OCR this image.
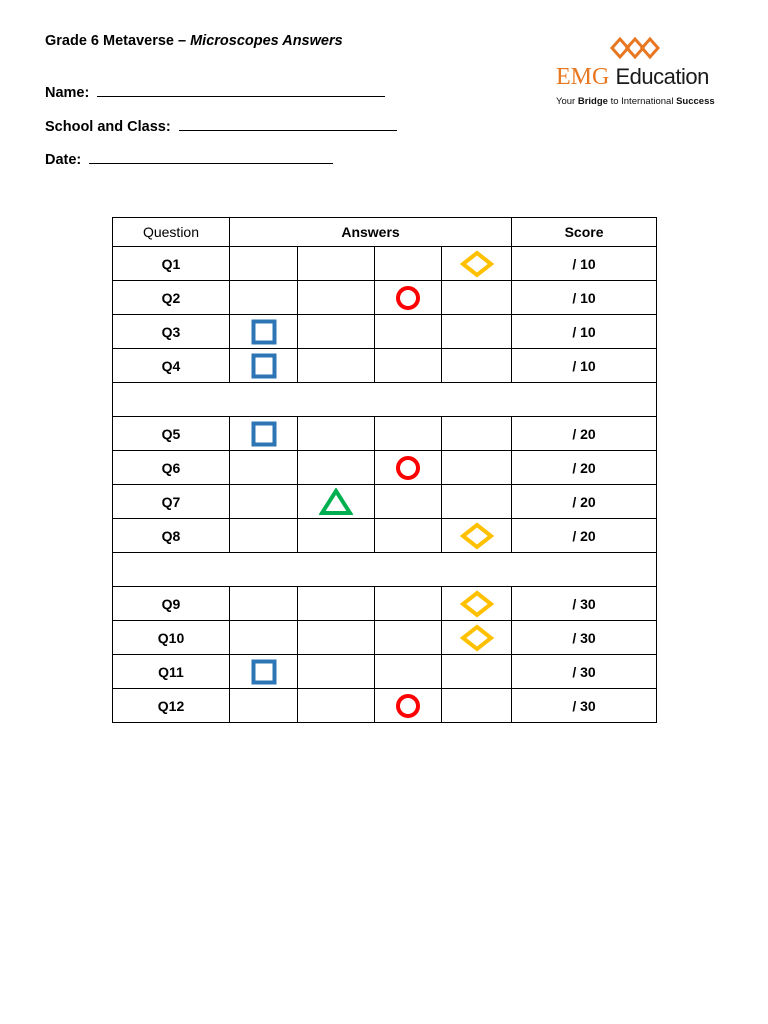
Grade 6 Metaverse – Microscopes Answers
Name:
School and Class:
Date:
EMG Education
Your Bridge to International Success
Question	Answers				Score
Q1					/ 10
Q2					/ 10
Q3					/ 10
Q4					/ 10

Q5					/ 20
Q6					/ 20
Q7					/ 20
Q8					/ 20

Q9					/ 30
Q10					/ 30
Q11					/ 30
Q12					/ 30
